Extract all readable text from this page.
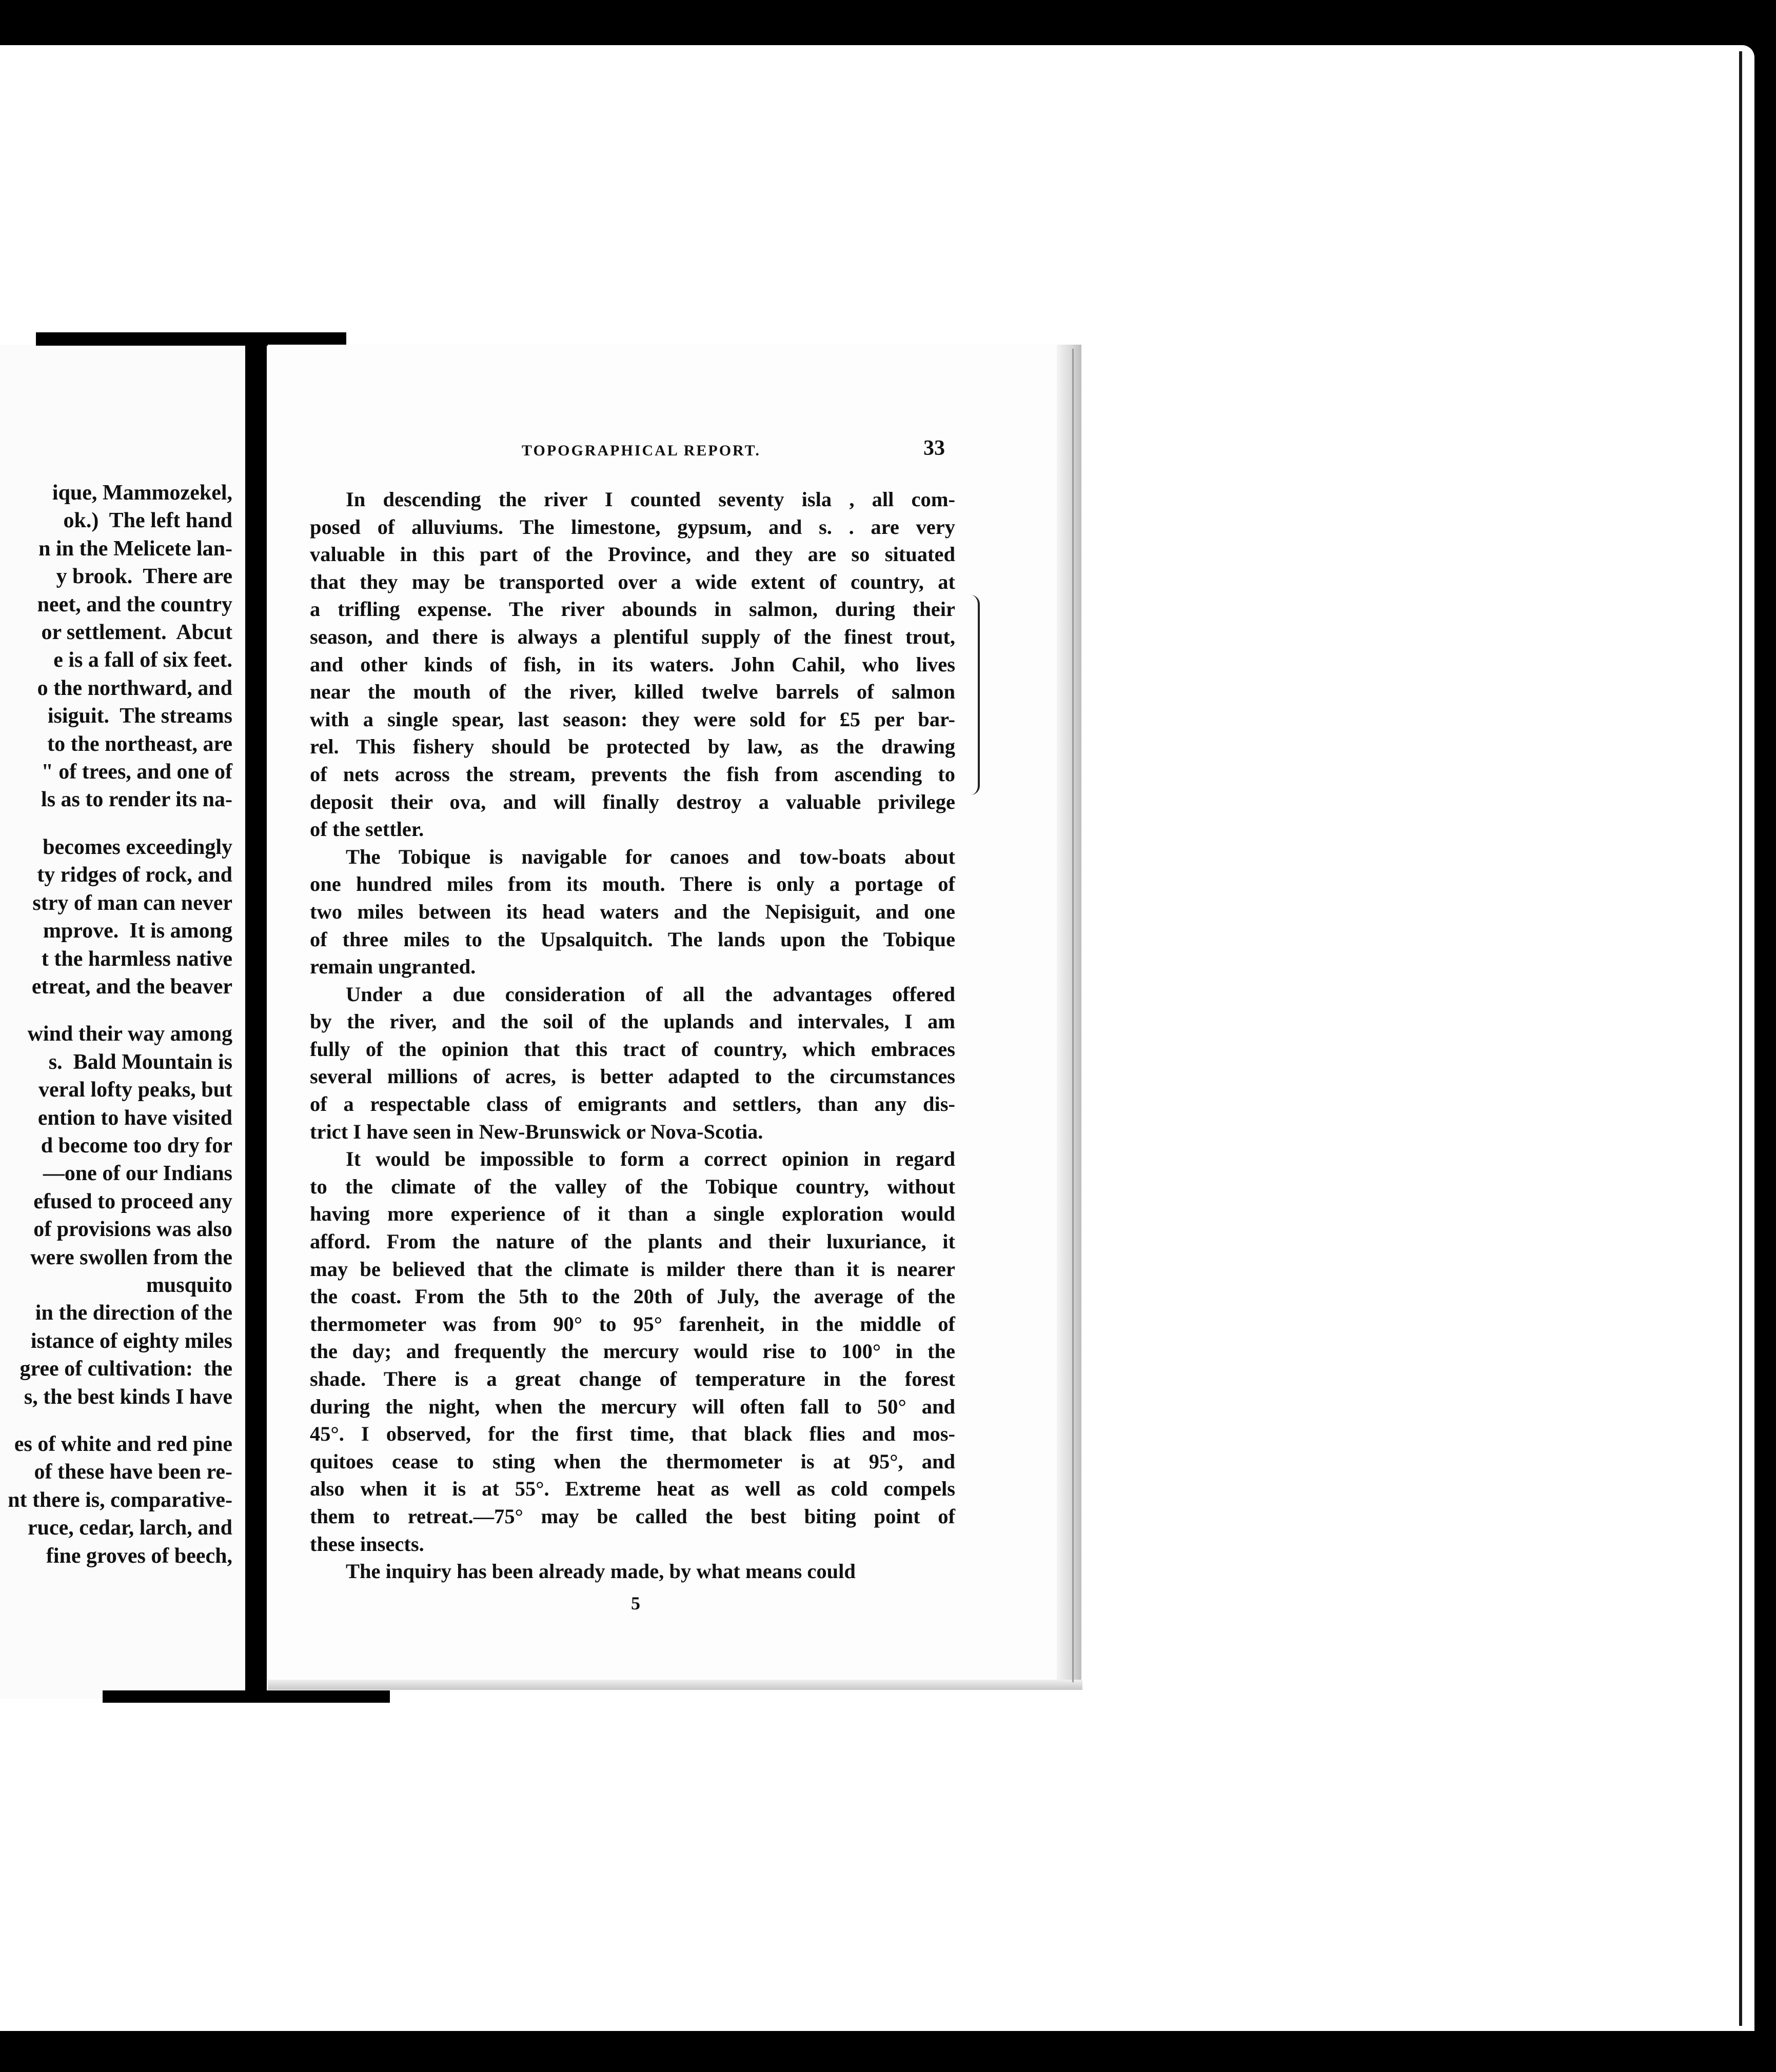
ique, Mammozekel,
ok.)  The left hand
n in the Melicete lan-
y brook.  There are
neet, and the country
or settlement.  Abcut
e is a fall of six feet.
o the northward, and
isiguit.  The streams
to the northeast, are
" of trees, and one of
ls as to render its na-
becomes exceedingly
ty ridges of rock, and
stry of man can never
mprove.  It is among
t the harmless native
etreat, and the beaver
wind their way among
s.  Bald Mountain is
veral lofty peaks, but
ention to have visited
d become too dry for
—one of our Indians
efused to proceed any
of provisions was also
were swollen from the
musquito
in the direction of the
istance of eighty miles
gree of cultivation:  the
s, the best kinds I have
es of white and red pine
of these have been re-
nt there is, comparative-
ruce, cedar, larch, and
fine groves of beech,
TOPOGRAPHICAL REPORT.	33

In descending the river I counted seventy isla , all com-
posed of alluviums. The limestone, gypsum, and s. . are very
valuable in this part of the Province, and they are so situated
that they may be transported over a wide extent of country, at
a trifling expense. The river abounds in salmon, during their
season, and there is always a plentiful supply of the finest trout,
and other kinds of fish, in its waters. John Cahil, who lives
near the mouth of the river, killed twelve barrels of salmon
with a single spear, last season: they were sold for £5 per bar-
rel. This fishery should be protected by law, as the drawing
of nets across the stream, prevents the fish from ascending to
deposit their ova, and will finally destroy a valuable privilege
of the settler.

The Tobique is navigable for canoes and tow-boats about
one hundred miles from its mouth. There is only a portage of
two miles between its head waters and the Nepisiguit, and one
of three miles to the Upsalquitch. The lands upon the Tobique
remain ungranted.

Under a due consideration of all the advantages offered
by the river, and the soil of the uplands and intervales, I am
fully of the opinion that this tract of country, which embraces
several millions of acres, is better adapted to the circumstances
of a respectable class of emigrants and settlers, than any dis-
trict I have seen in New-Brunswick or Nova-Scotia.

It would be impossible to form a correct opinion in regard
to the climate of the valley of the Tobique country, without
having more experience of it than a single exploration would
afford. From the nature of the plants and their luxuriance, it
may be believed that the climate is milder there than it is nearer
the coast. From the 5th to the 20th of July, the average of the
thermometer was from 90° to 95° farenheit, in the middle of
the day; and frequently the mercury would rise to 100° in the
shade. There is a great change of temperature in the forest
during the night, when the mercury will often fall to 50° and
45°. I observed, for the first time, that black flies and mos-
quitoes cease to sting when the thermometer is at 95°, and
also when it is at 55°. Extreme heat as well as cold compels
them to retreat.—75° may be called the best biting point of
these insects.

The inquiry has been already made, by what means could

5
